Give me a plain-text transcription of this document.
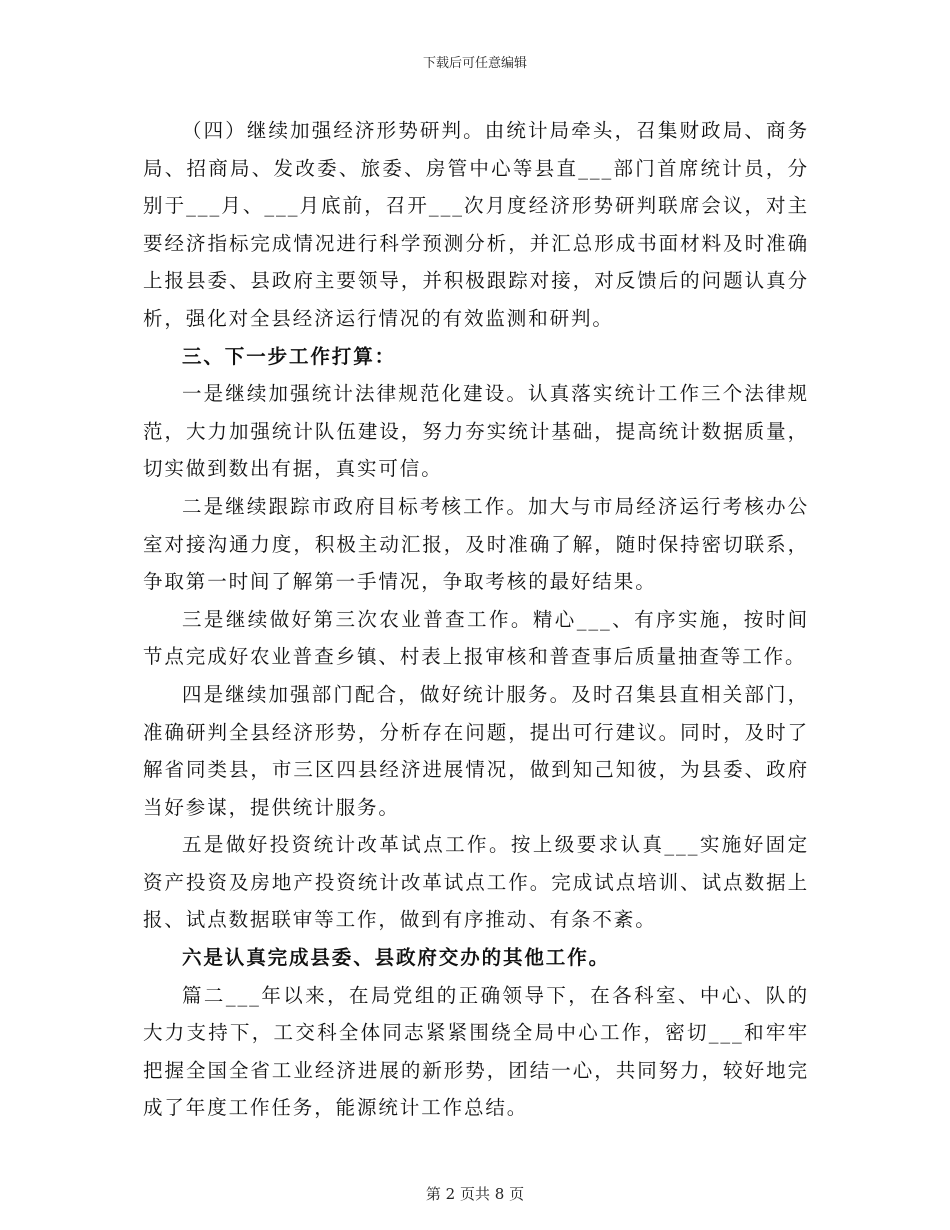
下载后可任意编辑

（四）继续加强经济形势研判。由统计局牵头，召集财政局、商务局、招商局、发改委、旅委、房管中心等县直___部门首席统计员，分别于___月、___月底前，召开___次月度经济形势研判联席会议，对主要经济指标完成情况进行科学预测分析，并汇总形成书面材料及时准确上报县委、县政府主要领导，并积极跟踪对接，对反馈后的问题认真分析，强化对全县经济运行情况的有效监测和研判。

三、下一步工作打算：

一是继续加强统计法律规范化建设。认真落实统计工作三个法律规范，大力加强统计队伍建设，努力夯实统计基础，提高统计数据质量，切实做到数出有据，真实可信。

二是继续跟踪市政府目标考核工作。加大与市局经济运行考核办公室对接沟通力度，积极主动汇报，及时准确了解，随时保持密切联系，争取第一时间了解第一手情况，争取考核的最好结果。

三是继续做好第三次农业普查工作。精心___、有序实施，按时间节点完成好农业普查乡镇、村表上报审核和普查事后质量抽查等工作。

四是继续加强部门配合，做好统计服务。及时召集县直相关部门，准确研判全县经济形势，分析存在问题，提出可行建议。同时，及时了解省同类县，市三区四县经济进展情况，做到知己知彼，为县委、政府当好参谋，提供统计服务。

五是做好投资统计改革试点工作。按上级要求认真___实施好固定资产投资及房地产投资统计改革试点工作。完成试点培训、试点数据上报、试点数据联审等工作，做到有序推动、有条不紊。

六是认真完成县委、县政府交办的其他工作。

篇二___年以来，在局党组的正确领导下，在各科室、中心、队的大力支持下，工交科全体同志紧紧围绕全局中心工作，密切___和牢牢把握全国全省工业经济进展的新形势，团结一心，共同努力，较好地完成了年度工作任务，能源统计工作总结。

第 2 页共 8 页
